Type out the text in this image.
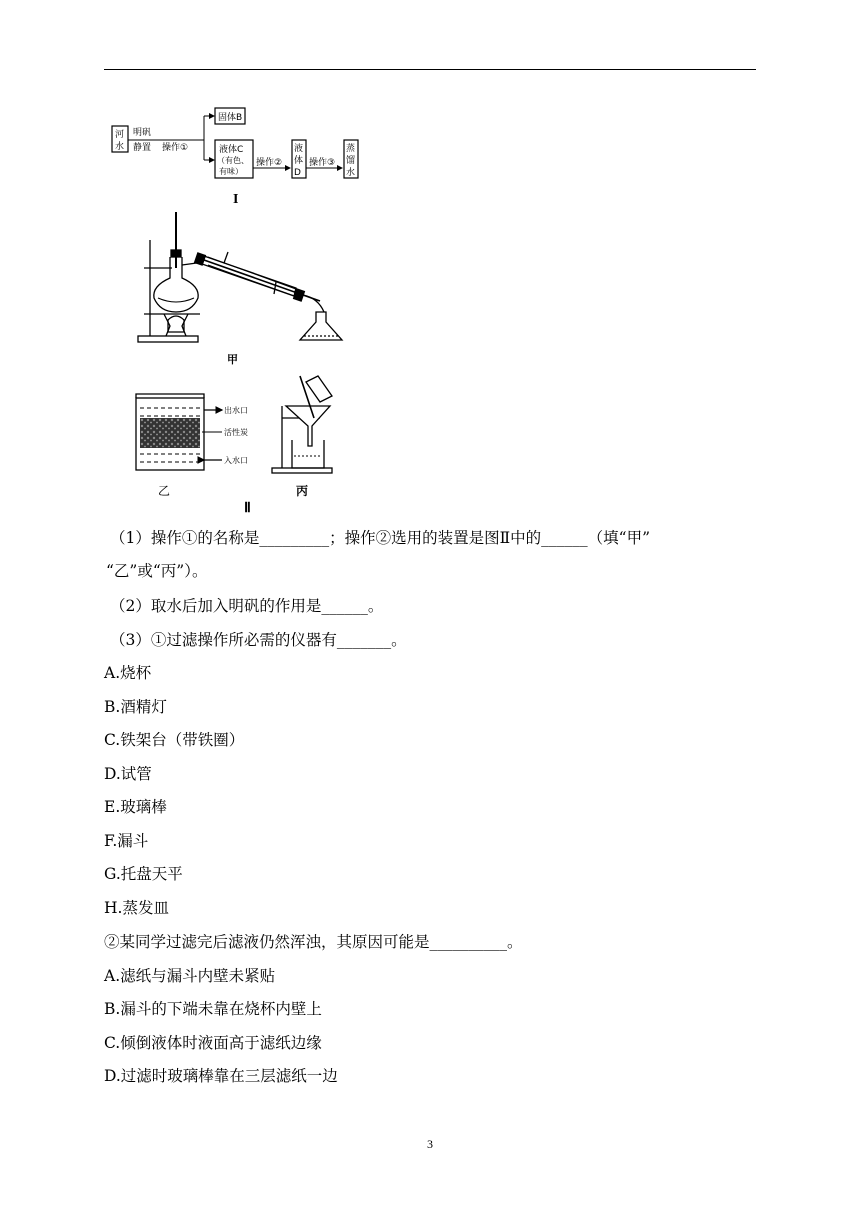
河
水
明矾
静置 操作①
固体B
液体C
（有色、
有味）
操作②
液
体
D
操作③
蒸
馏
水
I
甲
出水口
活性炭
入水口
乙	丙
Ⅱ
（1）操作①的名称是_________；操作②选用的装置是图Ⅱ中的______（填“甲”
“乙”或“丙”）。
（2）取水后加入明矾的作用是______。
（3）①过滤操作所必需的仪器有_______。
A.烧杯
B.酒精灯
C.铁架台（带铁圈）
D.试管
E.玻璃棒
F.漏斗
G.托盘天平
H.蒸发皿
②某同学过滤完后滤液仍然浑浊，其原因可能是__________。
A.滤纸与漏斗内壁未紧贴
B.漏斗的下端未靠在烧杯内壁上
C.倾倒液体时液面高于滤纸边缘
D.过滤时玻璃棒靠在三层滤纸一边
3
